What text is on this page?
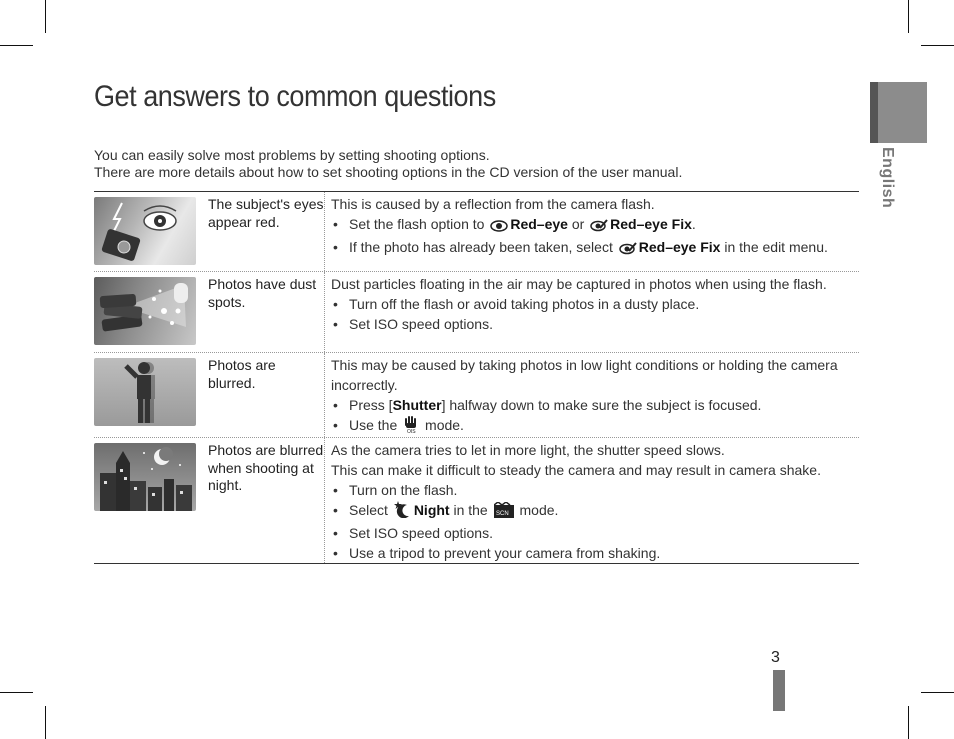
Get answers to common questions
You can easily solve most problems by setting shooting options.
There are more details about how to set shooting options in the CD version of the user manual.	English
The subject's eyes appear red.
This is caused by a reflection from the camera flash.
• Set the flash option to Red–eye or Red–eye Fix.
• If the photo has already been taken, select Red–eye Fix in the edit menu.
Photos have dust spots.
Dust particles floating in the air may be captured in photos when using the flash.
• Turn off the flash or avoid taking photos in a dusty place.
• Set ISO speed options.
Photos are blurred.
This may be caused by taking photos in low light conditions or holding the camera incorrectly.
• Press [Shutter] halfway down to make sure the subject is focused.
• Use the OIS mode.
Photos are blurred when shooting at night.
As the camera tries to let in more light, the shutter speed slows.
This can make it difficult to steady the camera and may result in camera shake.
• Turn on the flash.
• Select Night in the SCN mode.
• Set ISO speed options.
• Use a tripod to prevent your camera from shaking.
3
